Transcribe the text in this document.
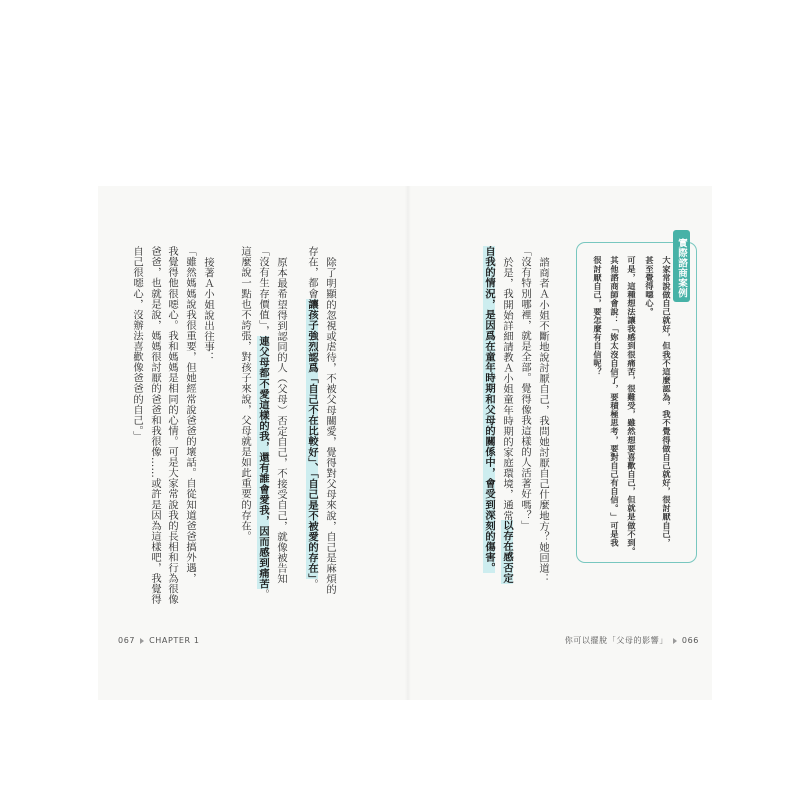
實際諮商案例
大家常說做自己就好，但我不這麼認為，我不覺得做自己就好，很討厭自己，
甚至覺得噁心。
可是，這種想法讓我感到很痛苦，很難受，雖然想要喜歡自己，但就是做不到。
其他諮商師會說：「妳太沒自信了，要積極思考，要對自己有自信。」可是我
很討厭自己，要怎麼有自信呢？
諮商者Ａ小姐不斷地說討厭自己，我問她討厭自己什麼地方？她回道：
「沒有特別哪裡，就是全部。覺得像我這樣的人活著好嗎？」
於是，我開始詳細請教Ａ小姐童年時期的家庭環境，通常以存在感否定
自我的情況，是因爲在童年時期和父母的關係中，會受到深刻的傷害。
除了明顯的忽視或虐待，不被父母關愛，覺得對父母來說，自己是麻煩的
存在，都會讓孩子強烈認爲「自己不在比較好」、「自己是不被愛的存在」。
原本最希望得到認同的人（父母）否定自己，不接受自己，就像被告知
「沒有生存價值」，連父母都不愛這樣的我，還有誰會愛我，因而感到痛苦。
這麼說一點也不誇張，對孩子來說，父母就是如此重要的存在。
接著Ａ小姐說出往事：
「雖然媽媽說我很重要，但她經常說爸爸的壞話。自從知道爸爸搞外遇，
我覺得他很噁心。我和媽媽是相同的心情。可是大家常說我的長相和行為很像
爸爸，也就是說，媽媽很討厭的爸爸和我很像……或許是因為這樣吧，我覺得
自己很噁心，沒辦法喜歡像爸爸的自己。」
067 CHAPTER 1	你可以擺脫「父母的影響」 066
